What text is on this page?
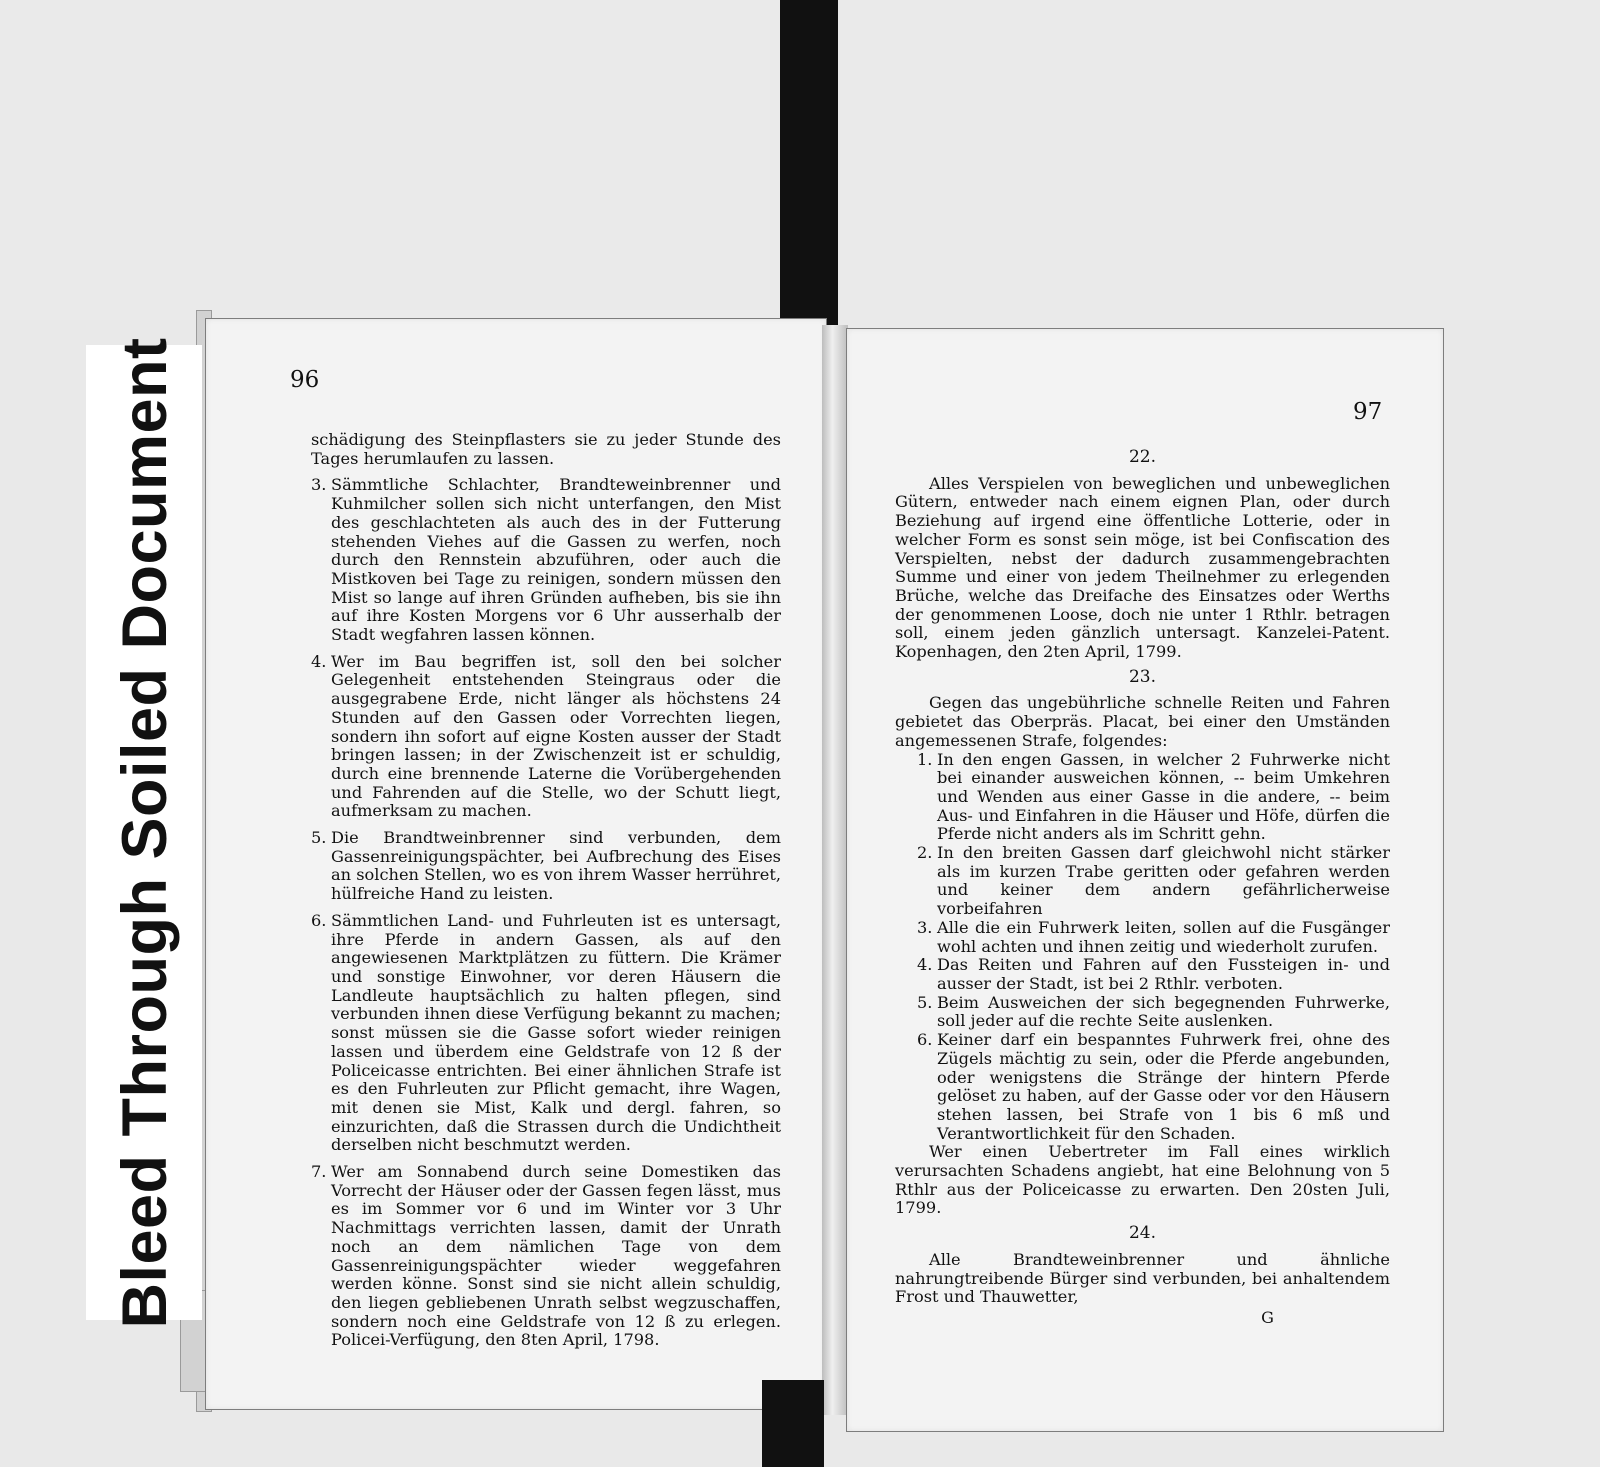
Bleed Through Soiled Document	96

schädigung des Steinpflasters sie zu jeder Stunde des Tages herumlaufen zu lassen.

3. Sämmtliche Schlachter, Brandteweinbrenner und Kuhmilcher sollen sich nicht unterfangen, den Mist des geschlachteten als auch des in der Futterung stehenden Viehes auf die Gassen zu werfen, noch durch den Rennstein abzuführen, oder auch die Mistkoven bei Tage zu reinigen, sondern müssen den Mist so lange auf ihren Gründen aufheben, bis sie ihn auf ihre Kosten Morgens vor 6 Uhr ausserhalb der Stadt wegfahren lassen können.

4. Wer im Bau begriffen ist, soll den bei solcher Gelegenheit entstehenden Steingraus oder die ausgegrabene Erde, nicht länger als höchstens 24 Stunden auf den Gassen oder Vorrechten liegen, sondern ihn sofort auf eigne Kosten ausser der Stadt bringen lassen; in der Zwischenzeit ist er schuldig, durch eine brennende Laterne die Vorübergehenden und Fahrenden auf die Stelle, wo der Schutt liegt, aufmerksam zu machen.

5. Die Brandtweinbrenner sind verbunden, dem Gassenreinigungspächter, bei Aufbrechung des Eises an solchen Stellen, wo es von ihrem Wasser herrühret, hülfreiche Hand zu leisten.

6. Sämmtlichen Land- und Fuhrleuten ist es untersagt, ihre Pferde in andern Gassen, als auf den angewiesenen Marktplätzen zu füttern. Die Krämer und sonstige Einwohner, vor deren Häusern die Landleute hauptsächlich zu halten pflegen, sind verbunden ihnen diese Verfügung bekannt zu machen; sonst müssen sie die Gasse sofort wieder reinigen lassen und überdem eine Geldstrafe von 12 ß der Policeicasse entrichten. Bei einer ähnlichen Strafe ist es den Fuhrleuten zur Pflicht gemacht, ihre Wagen, mit denen sie Mist, Kalk und dergl. fahren, so einzurichten, daß die Strassen durch die Undichtheit derselben nicht beschmutzt werden.

7. Wer am Sonnabend durch seine Domestiken das Vorrecht der Häuser oder der Gassen fegen lässt, mus es im Sommer vor 6 und im Winter vor 3 Uhr Nachmittags verrichten lassen, damit der Unrath noch an dem nämlichen Tage von dem Gassenreinigungspächter wieder weggefahren werden könne. Sonst sind sie nicht allein schuldig, den liegen gebliebenen Unrath selbst wegzuschaffen, sondern noch eine Geldstrafe von 12 ß zu erlegen. Policei-Verfügung, den 8ten April, 1798.

97

22.

Alles Verspielen von beweglichen und unbeweglichen Gütern, entweder nach einem eignen Plan, oder durch Beziehung auf irgend eine öffentliche Lotterie, oder in welcher Form es sonst sein möge, ist bei Confiscation des Verspielten, nebst der dadurch zusammengebrachten Summe und einer von jedem Theilnehmer zu erlegenden Brüche, welche das Dreifache des Einsatzes oder Werths der genommenen Loose, doch nie unter 1 Rthlr. betragen soll, einem jeden gänzlich untersagt. Kanzelei-Patent. Kopenhagen, den 2ten April, 1799.

23.

Gegen das ungebührliche schnelle Reiten und Fahren gebietet das Oberpräs. Placat, bei einer den Umständen angemessenen Strafe, folgendes:

1. In den engen Gassen, in welcher 2 Fuhrwerke nicht bei einander ausweichen können, -- beim Umkehren und Wenden aus einer Gasse in die andere, -- beim Aus- und Einfahren in die Häuser und Höfe, dürfen die Pferde nicht anders als im Schritt gehn.

2. In den breiten Gassen darf gleichwohl nicht stärker als im kurzen Trabe geritten oder gefahren werden und keiner dem andern gefährlicherweise vorbeifahren

3. Alle die ein Fuhrwerk leiten, sollen auf die Fusgänger wohl achten und ihnen zeitig und wiederholt zurufen.

4. Das Reiten und Fahren auf den Fussteigen in- und ausser der Stadt, ist bei 2 Rthlr. verboten.

5. Beim Ausweichen der sich begegnenden Fuhrwerke, soll jeder auf die rechte Seite auslenken.

6. Keiner darf ein bespanntes Fuhrwerk frei, ohne des Zügels mächtig zu sein, oder die Pferde angebunden, oder wenigstens die Stränge der hintern Pferde gelöset zu haben, auf der Gasse oder vor den Häusern stehen lassen, bei Strafe von 1 bis 6 mß und Verantwortlichkeit für den Schaden.

Wer einen Uebertreter im Fall eines wirklich verursachten Schadens angiebt, hat eine Belohnung von 5 Rthlr aus der Policeicasse zu erwarten. Den 20sten Juli, 1799.

24.

Alle Brandteweinbrenner und ähnliche nahrungtreibende Bürger sind verbunden, bei anhaltendem Frost und Thauwetter,

G
